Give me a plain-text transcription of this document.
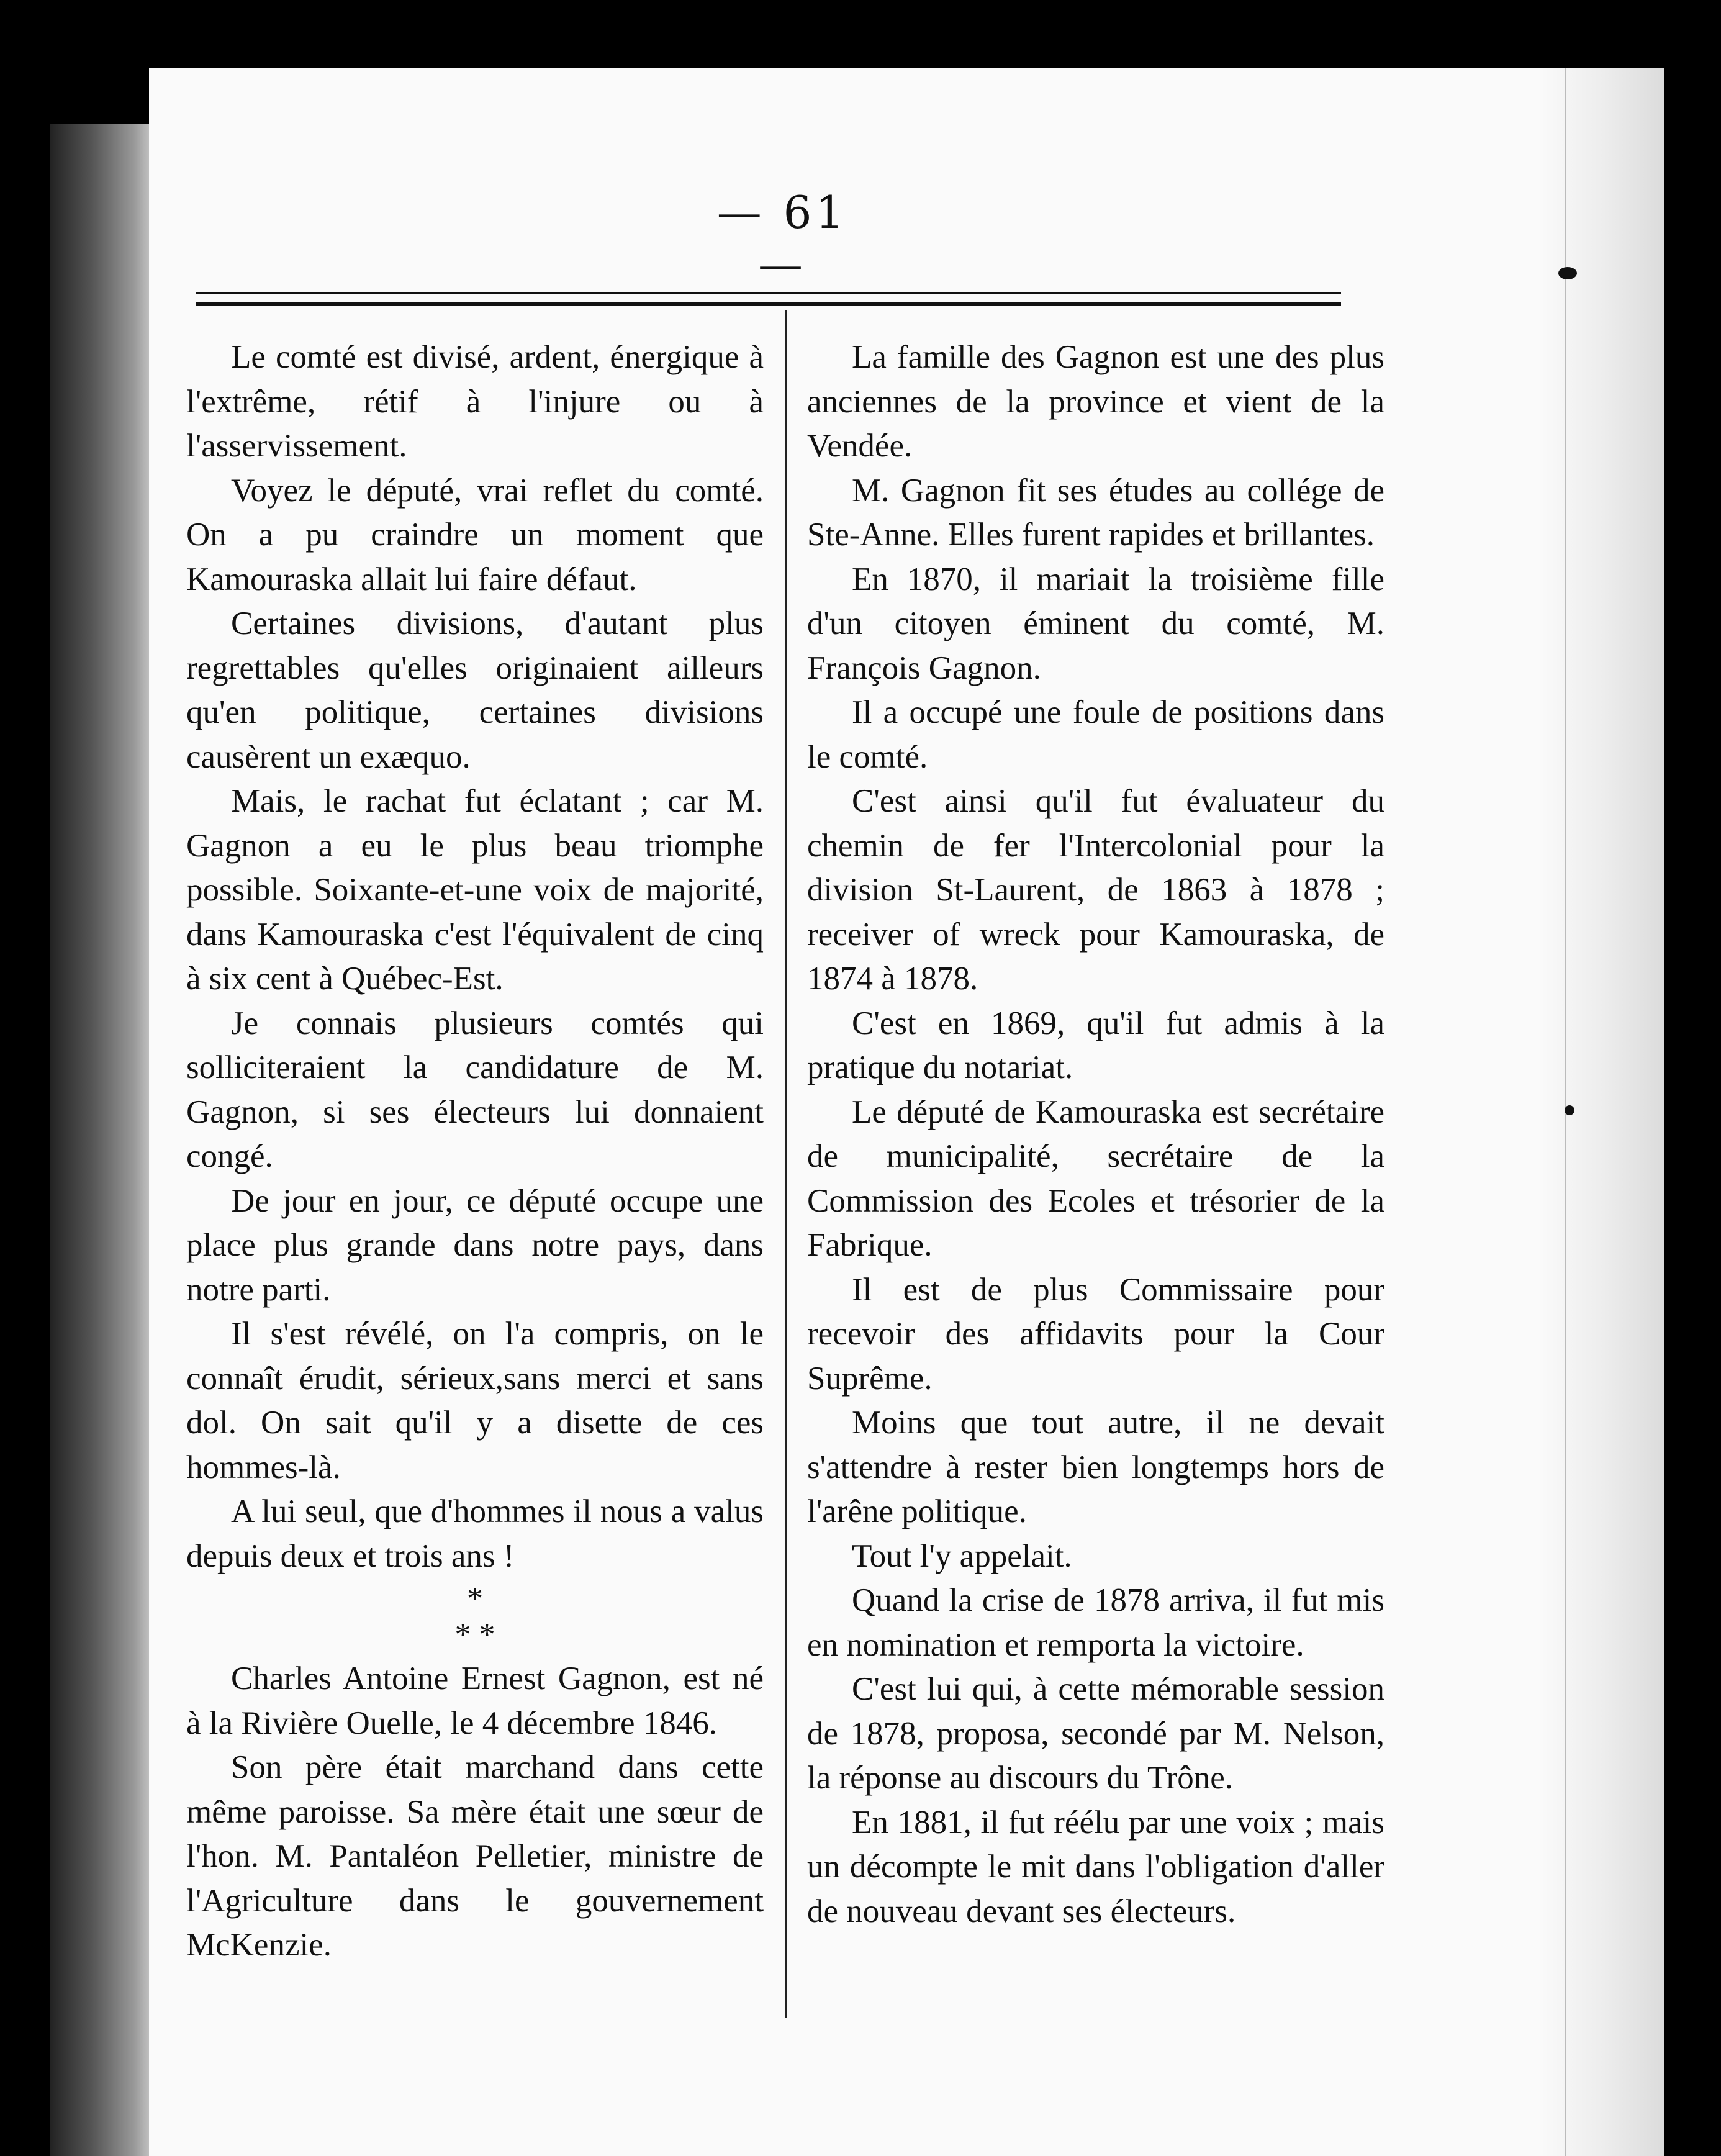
— 61 —

Le comté est divisé, ardent, énergique à l'extrême, rétif à l'injure ou à l'asservissement.

Voyez le député, vrai reflet du comté. On a pu craindre un moment que Kamouraska allait lui faire défaut.

Certaines divisions, d'autant plus regrettables qu'elles originaient ailleurs qu'en politique, certaines divisions causèrent un exæquo.

Mais, le rachat fut éclatant ; car M. Gagnon a eu le plus beau triomphe possible. Soixante-et-une voix de majorité, dans Kamouraska c'est l'équivalent de cinq à six cent à Québec-Est.

Je connais plusieurs comtés qui solliciteraient la candidature de M. Gagnon, si ses électeurs lui donnaient congé.

De jour en jour, ce député occupe une place plus grande dans notre pays, dans notre parti.

Il s'est révélé, on l'a compris, on le connaît érudit, sérieux,sans merci et sans dol. On sait qu'il y a disette de ces hommes-là.

A lui seul, que d'hommes il nous a valus depuis deux et trois ans !

*
* *

Charles Antoine Ernest Gagnon, est né à la Rivière Ouelle, le 4 décembre 1846.

Son père était marchand dans cette même paroisse. Sa mère était une sœur de l'hon. M. Pantaléon Pelletier, ministre de l'Agriculture dans le gouvernement McKenzie.

La famille des Gagnon est une des plus anciennes de la province et vient de la Vendée.

M. Gagnon fit ses études au collége de Ste-Anne. Elles furent rapides et brillantes.

En 1870, il mariait la troisième fille d'un citoyen éminent du comté, M. François Gagnon.

Il a occupé une foule de positions dans le comté.

C'est ainsi qu'il fut évaluateur du chemin de fer l'Intercolonial pour la division St-Laurent, de 1863 à 1878 ; receiver of wreck pour Kamouraska, de 1874 à 1878.

C'est en 1869, qu'il fut admis à la pratique du notariat.

Le député de Kamouraska est secrétaire de municipalité, secrétaire de la Commission des Ecoles et trésorier de la Fabrique.

Il est de plus Commissaire pour recevoir des affidavits pour la Cour Suprême.

Moins que tout autre, il ne devait s'attendre à rester bien longtemps hors de l'arêne politique.

Tout l'y appelait.

Quand la crise de 1878 arriva, il fut mis en nomination et remporta la victoire.

C'est lui qui, à cette mémorable session de 1878, proposa, secondé par M. Nelson, la réponse au discours du Trône.

En 1881, il fut réélu par une voix ; mais un décompte le mit dans l'obligation d'aller de nouveau devant ses électeurs.
